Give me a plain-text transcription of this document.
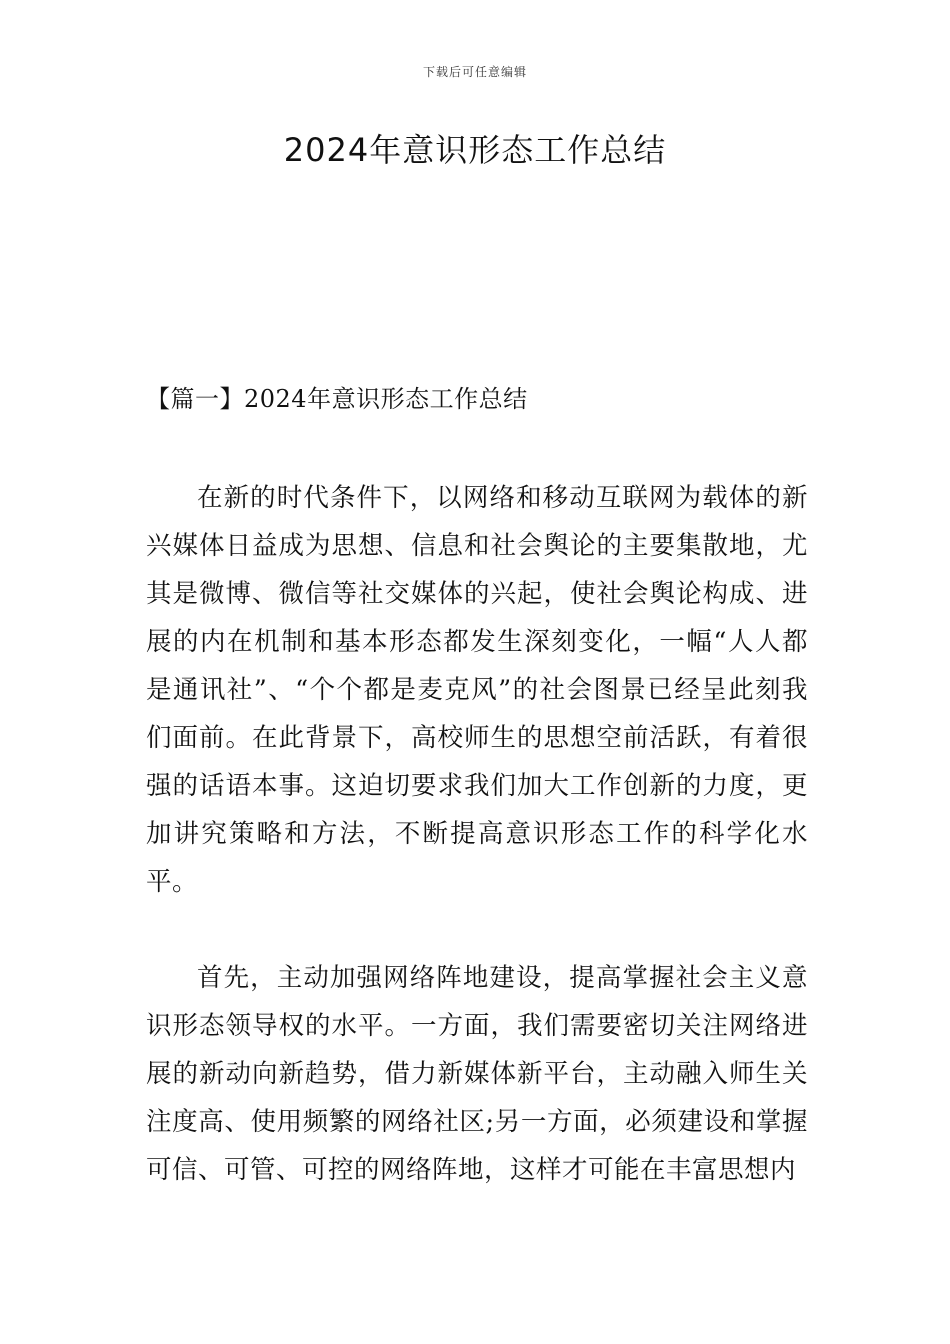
下载后可任意编辑
2024年意识形态工作总结
【篇一】2024年意识形态工作总结

在新的时代条件下，以网络和移动互联网为载体的新兴媒体日益成为思想、信息和社会舆论的主要集散地，尤其是微博、微信等社交媒体的兴起，使社会舆论构成、进展的内在机制和基本形态都发生深刻变化，一幅“人人都是通讯社”、“个个都是麦克风”的社会图景已经呈此刻我们面前。在此背景下，高校师生的思想空前活跃，有着很强的话语本事。这迫切要求我们加大工作创新的力度，更加讲究策略和方法，不断提高意识形态工作的科学化水平。

首先，主动加强网络阵地建设，提高掌握社会主义意识形态领导权的水平。一方面，我们需要密切关注网络进展的新动向新趋势，借力新媒体新平台，主动融入师生关注度高、使用频繁的网络社区;另一方面，必须建设和掌握可信、可管、可控的网络阵地，这样才可能在丰富思想内
